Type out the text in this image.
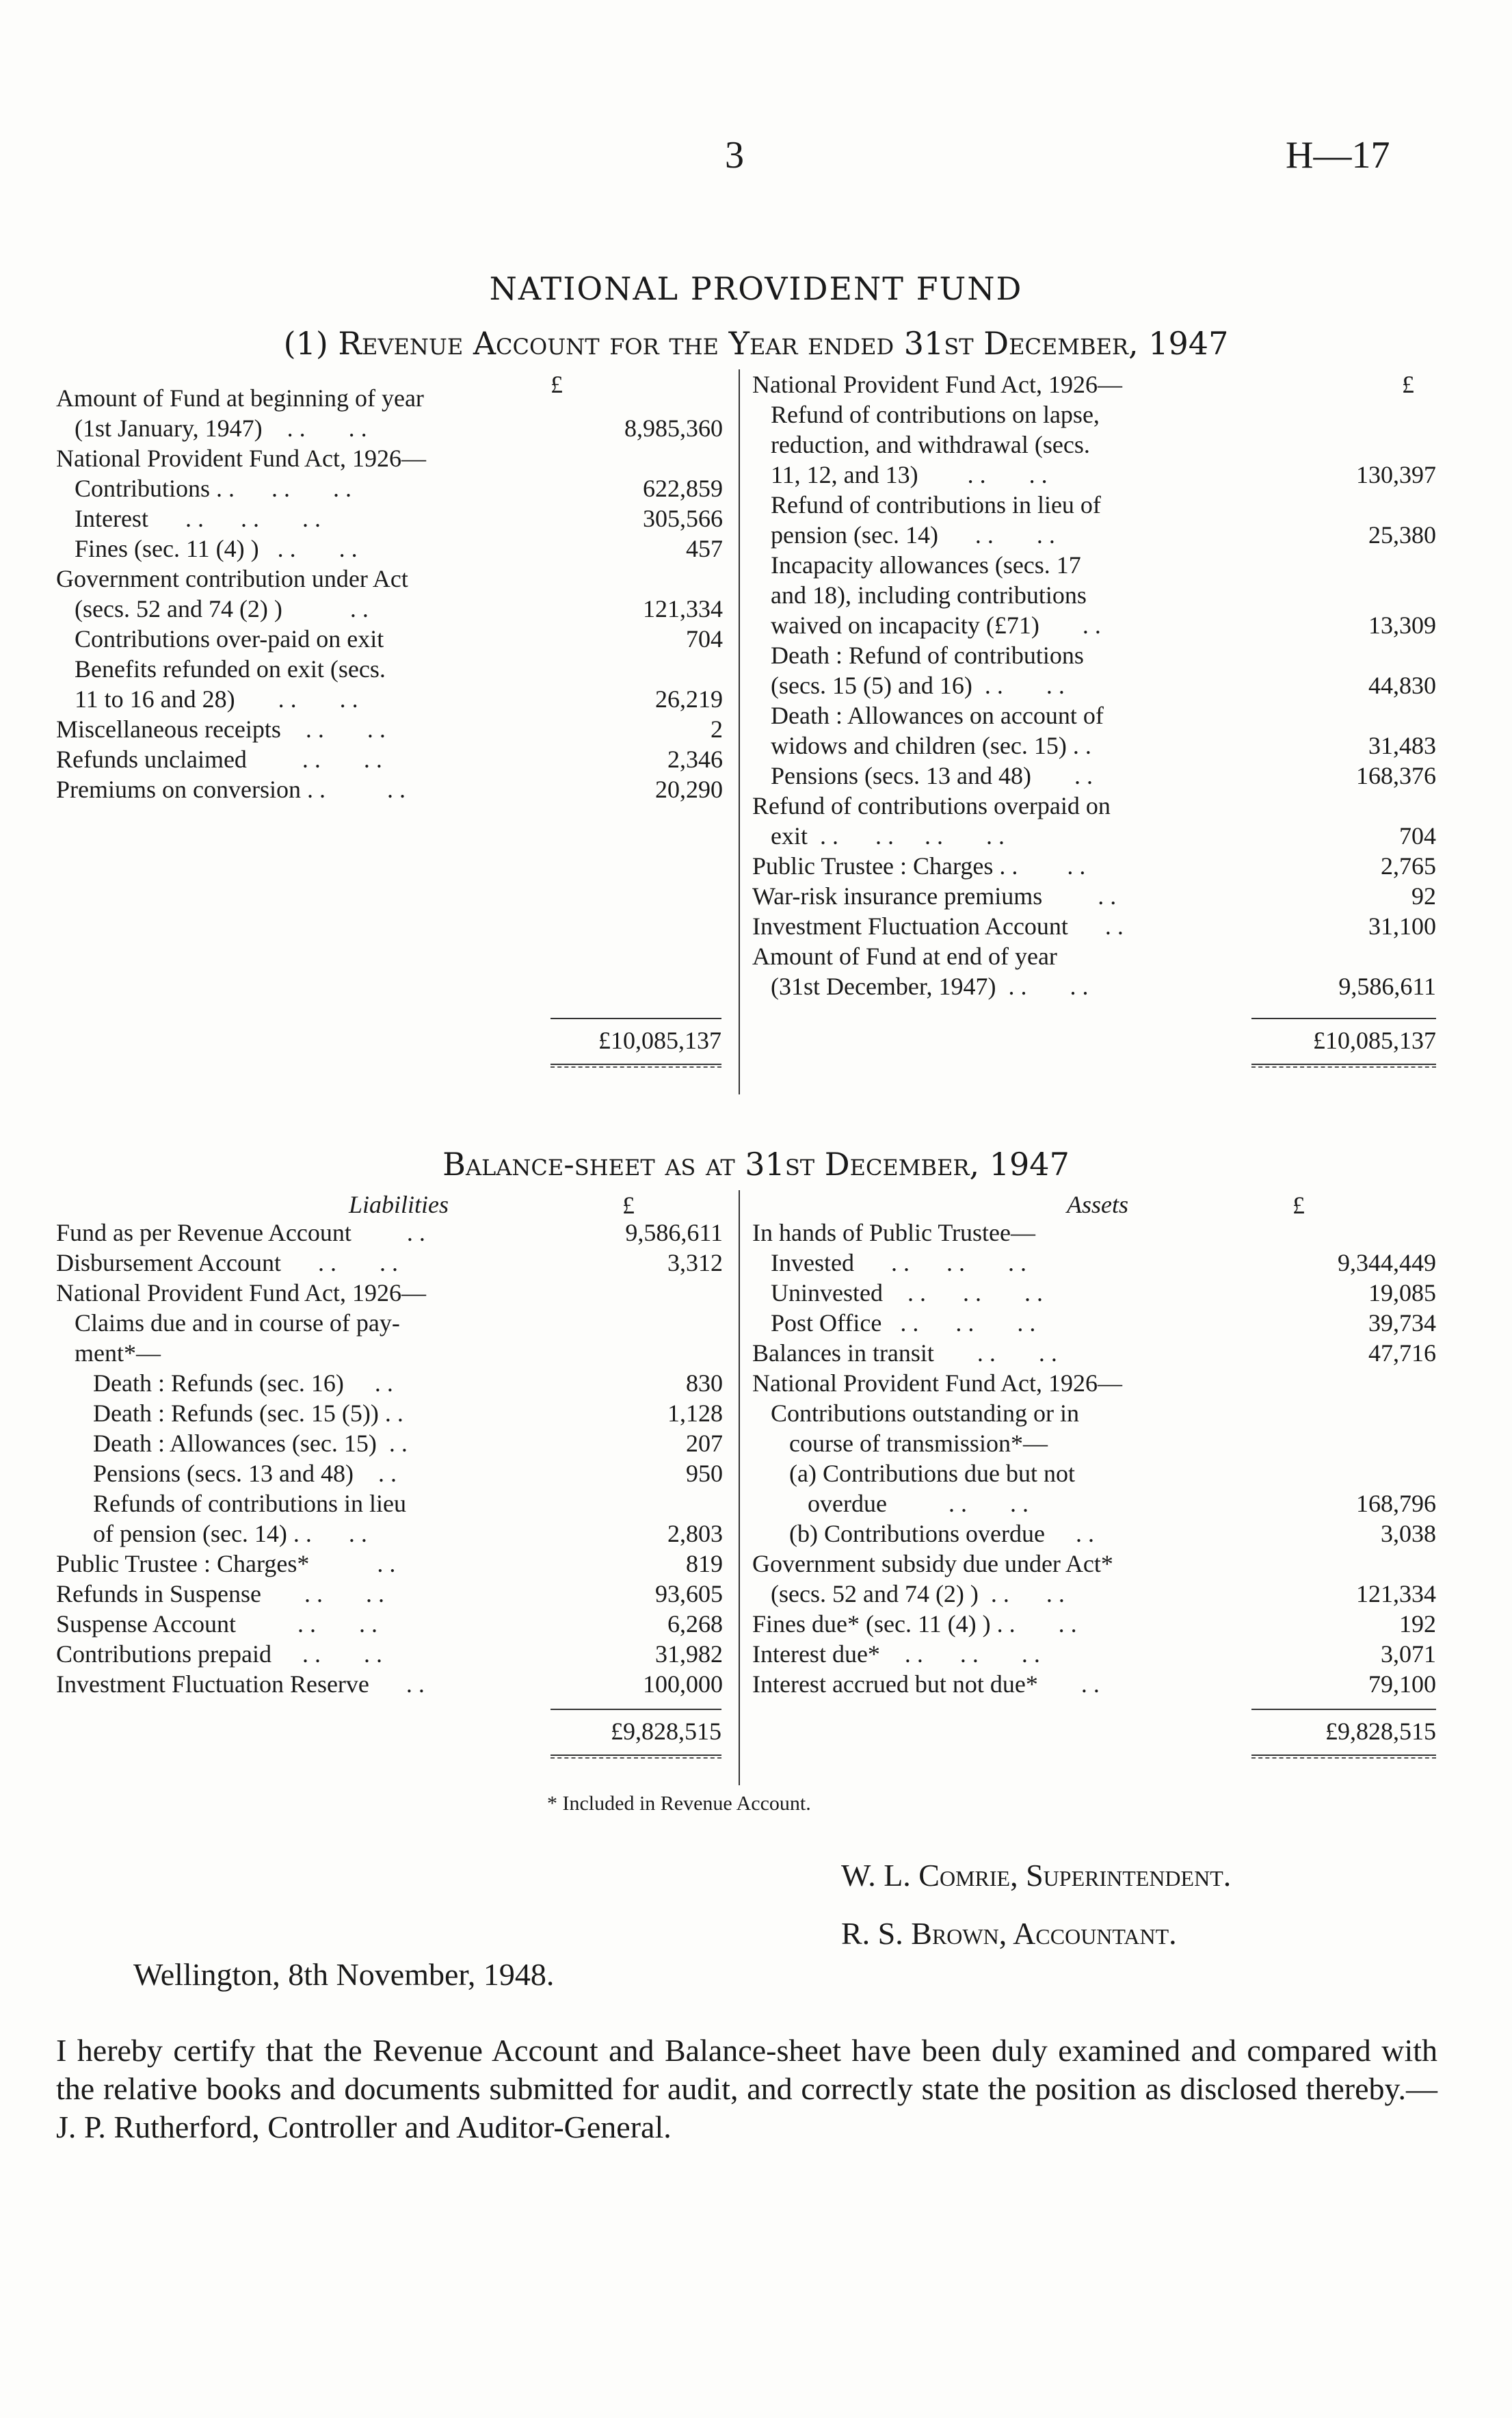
3	H—17
NATIONAL PROVIDENT FUND
(1) Revenue Account for the Year ended 31st December, 1947
£	£
Amount of Fund at beginning of year
(1st January, 1947)    . .       . .	8,985,360
National Provident Fund Act, 1926—
Contributions . .      . .       . .	622,859
Interest      . .      . .       . .	305,566
Fines (sec. 11 (4) )   . .       . .	457
Government contribution under Act
(secs. 52 and 74 (2) )           . .	121,334
Contributions over-paid on exit	704
Benefits refunded on exit (secs.
11 to 16 and 28)       . .       . .	26,219
Miscellaneous receipts    . .       . .	2
Refunds unclaimed         . .       . .	2,346
Premiums on conversion . .          . .	20,290
National Provident Fund Act, 1926—
Refund of contributions on lapse,
reduction, and withdrawal (secs.
11, 12, and 13)        . .       . .	130,397
Refund of contributions in lieu of
pension (sec. 14)      . .       . .	25,380
Incapacity allowances (secs. 17
and 18), including contributions
waived on incapacity (£71)       . .	13,309
Death : Refund of contributions
(secs. 15 (5) and 16)  . .       . .	44,830
Death : Allowances on account of
widows and children (sec. 15) . .	31,483
Pensions (secs. 13 and 48)       . .	168,376
Refund of contributions overpaid on
exit  . .      . .     . .       . .	704
Public Trustee : Charges . .        . .	2,765
War-risk insurance premiums         . .	92
Investment Fluctuation Account      . .	31,100
Amount of Fund at end of year
(31st December, 1947)  . .       . .	9,586,611
£10,085,137	£10,085,137
Balance-sheet as at 31st December, 1947
Liabilities	£	Assets	£
Fund as per Revenue Account         . .	9,586,611
Disbursement Account      . .       . .	3,312
National Provident Fund Act, 1926—
Claims due and in course of pay-
ment*—
Death : Refunds (sec. 16)     . .	830
Death : Refunds (sec. 15 (5)) . .	1,128
Death : Allowances (sec. 15)  . .	207
Pensions (secs. 13 and 48)    . .	950
Refunds of contributions in lieu
of pension (sec. 14) . .      . .	2,803
Public Trustee : Charges*           . .	819
Refunds in Suspense       . .       . .	93,605
Suspense Account          . .       . .	6,268
Contributions prepaid     . .       . .	31,982
Investment Fluctuation Reserve      . .	100,000
In hands of Public Trustee—
Invested      . .      . .       . .	9,344,449
Uninvested    . .      . .       . .	19,085
Post Office   . .      . .       . .	39,734
Balances in transit       . .       . .	47,716
National Provident Fund Act, 1926—
Contributions outstanding or in
course of transmission*—
(a) Contributions due but not
overdue          . .       . .	168,796
(b) Contributions overdue     . .	3,038
Government subsidy due under Act*
(secs. 52 and 74 (2) )  . .      . .	121,334
Fines due* (sec. 11 (4) ) . .       . .	192
Interest due*    . .      . .       . .	3,071
Interest accrued but not due*       . .	79,100
£9,828,515	£9,828,515
* Included in Revenue Account.
W. L. Comrie, Superintendent.
R. S. Brown, Accountant.
Wellington, 8th November, 1948.
I hereby certify that the Revenue Account and Balance-sheet have been duly examined and compared with the relative books and documents submitted for audit, and correctly state the position as disclosed thereby.—J. P. Rutherford, Controller and Auditor-General.
